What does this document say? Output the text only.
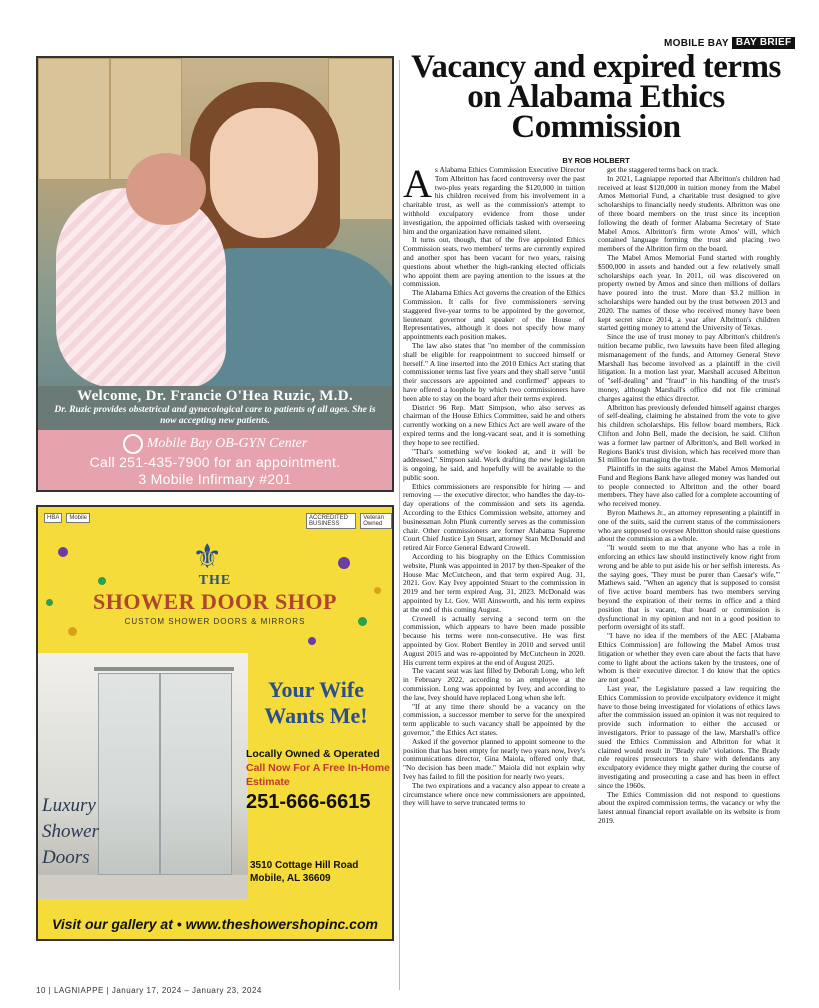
MOBILE BAY BAY BRIEF
Welcome, Dr. Francie O'Hea Ruzic, M.D.
Dr. Ruzic provides obstetrical and gynecological care to patients of all ages. She is now accepting new patients.
Mobile Bay OB-GYN Center
Call 251-435-7900 for an appointment.
3 Mobile Infirmary #201
HBA	Mobile	ACCREDITED BUSINESS
Veteran Owned
⚜
THE
SHOWER DOOR SHOP
CUSTOM SHOWER DOORS & MIRRORS
Luxury Shower Doors
Your Wife Wants Me!
Locally Owned & Operated
Call Now For A Free In-Home Estimate
251-666-6615
3510 Cottage Hill Road
Mobile, AL 36609
Visit our gallery at • www.theshowershopinc.com
Vacancy and expired terms on Alabama Ethics Commission
BY ROB HOLBERT

As Alabama Ethics Commission Executive Director Tom Albritton has faced controversy over the past two-plus years regarding the $120,000 in tuition his children received from his involvement in a charitable trust, as well as the commission's attempt to withhold exculpatory evidence from those under investigation, the appointed officials tasked with overseeing him and the organization have remained silent.

It turns out, though, that of the five appointed Ethics Commission seats, two members' terms are currently expired and another spot has been vacant for two years, raising questions about whether the high-ranking elected officials who appoint them are paying attention to the issues at the commission.

The Alabama Ethics Act governs the creation of the Ethics Commission. It calls for five commissioners serving staggered five-year terms to be appointed by the governor, lieutenant governor and speaker of the House of Representatives, although it does not specify how many appointments each position makes.

The law also states that "no member of the commission shall be eligible for reappointment to succeed himself or herself." A line inserted into the 2010 Ethics Act stating that commissioner terms last five years and they shall serve "until their successors are appointed and confirmed" appears to have offered a loophole by which two commissioners have been able to stay on the board after their terms expired.

District 96 Rep. Matt Simpson, who also serves as chairman of the House Ethics Committee, said he and others currently working on a new Ethics Act are well aware of the expired terms and the long-vacant seat, and it is something they hope to see rectified.

"That's something we've looked at, and it will be addressed," Simpson said. Work drafting the new legislation is ongoing, he said, and hopefully will be available to the public soon.

Ethics commissioners are responsible for hiring — and removing — the executive director, who handles the day-to-day operations of the commission and sets its agenda. According to the Ethics Commission website, attorney and businessman John Plunk currently serves as the commission chair. Other commissioners are former Alabama Supreme Court Chief Justice Lyn Stuart, attorney Stan McDonald and retired Air Force General Edward Crowell.

According to his biography on the Ethics Commission website, Plunk was appointed in 2017 by then-Speaker of the House Mac McCutcheon, and that term expired Aug. 31, 2021. Gov. Kay Ivey appointed Stuart to the commission in 2019 and her term expired Aug. 31, 2023. McDonald was appointed by Lt. Gov. Will Ainsworth, and his term expires at the end of this coming August.

Crowell is actually serving a second term on the commission, which appears to have been made possible because his terms were non-consecutive. He was first appointed by Gov. Robert Bentley in 2010 and served until August 2015 and was re-appointed by McCutcheon in 2020. His current term expires at the end of August 2025.

The vacant seat was last filled by Deborah Long, who left in February 2022, according to an employee at the commission. Long was appointed by Ivey, and according to the law, Ivey should have replaced Long when she left.

"If at any time there should be a vacancy on the commission, a successor member to serve for the unexpired term applicable to such vacancy shall be appointed by the governor," the Ethics Act states.

Asked if the governor planned to appoint someone to the position that has been empty for nearly two years now, Ivey's communications director, Gina Maiola, offered only that, "No decision has been made." Maiola did not explain why Ivey has failed to fill the position for nearly two years.

The two expirations and a vacancy also appear to create a circumstance where once new commissioners are appointed, they will have to serve truncated terms to

get the staggered terms back on track.

In 2021, Lagniappe reported that Albritton's children had received at least $120,000 in tuition money from the Mabel Amos Memorial Fund, a charitable trust designed to give scholarships to financially needy students. Albritton was one of three board members on the trust since its inception following the death of former Alabama Secretary of State Mabel Amos. Albritton's firm wrote Amos' will, which contained language forming the trust and placing two members of the Albritton firm on the board.

The Mabel Amos Memorial Fund started with roughly $500,000 in assets and handed out a few relatively small scholarships each year. In 2011, oil was discovered on property owned by Amos and since then millions of dollars have poured into the trust. More than $3.2 million in scholarships were handed out by the trust between 2013 and 2020. The names of those who received money have been kept secret since 2014, a year after Albritton's children started getting money to attend the University of Texas.

Since the use of trust money to pay Albritton's children's tuition became public, two lawsuits have been filed alleging mismanagement of the funds, and Attorney General Steve Marshall has become involved as a plaintiff in the civil litigation. In a motion last year, Marshall accused Albritton of "self-dealing" and "fraud" in his handling of the trust's money, although Marshall's office did not file criminal charges against the ethics director.

Albritton has previously defended himself against charges of self-dealing, claiming he abstained from the vote to give his children scholarships. His fellow board members, Rick Clifton and John Bell, made the decision, he said. Clifton was a former law partner of Albritton's, and Bell worked in Regions Bank's trust division, which has received more than $1 million for managing the trust.

Plaintiffs in the suits against the Mabel Amos Memorial Fund and Regions Bank have alleged money was handed out to people connected to Albritton and the other board members. They have also called for a complete accounting of who received money.

Byron Mathews Jr., an attorney representing a plaintiff in one of the suits, said the current status of the commissioners who are supposed to oversee Albritton should raise questions about the commission as a whole.

"It would seem to me that anyone who has a role in enforcing an ethics law should instinctively know right from wrong and be able to put aside his or her selfish interests. As the saying goes, 'They must be purer than Caesar's wife,'" Mathews said. "When an agency that is supposed to consist of five active board members has two members serving beyond the expiration of their terms in office and a third position that is vacant, that board or commission is dysfunctional in my opinion and not in a good position to perform oversight of its staff.

"I have no idea if the members of the AEC [Alabama Ethics Commission] are following the Mabel Amos trust litigation or whether they even care about the facts that have come to light about the actions taken by the trustees, one of whom is their executive director. I do know that the optics are not good."

Last year, the Legislature passed a law requiring the Ethics Commission to provide exculpatory evidence it might have to those being investigated for violations of ethics laws after the commission issued an opinion it was not required to provide such information to either the accused or investigators. Prior to passage of the law, Marshall's office sued the Ethics Commission and Albritton for what it claimed would result in "Brady rule" violations. The Brady rule requires prosecutors to share with defendants any exculpatory evidence they might gather during the course of investigating and prosecuting a case and has been in effect since the 1960s.

The Ethics Commission did not respond to questions about the expired commission terms, the vacancy or why the latest annual financial report available on its website is from 2019.

10 | LAGNIAPPE | January 17, 2024 – January 23, 2024
